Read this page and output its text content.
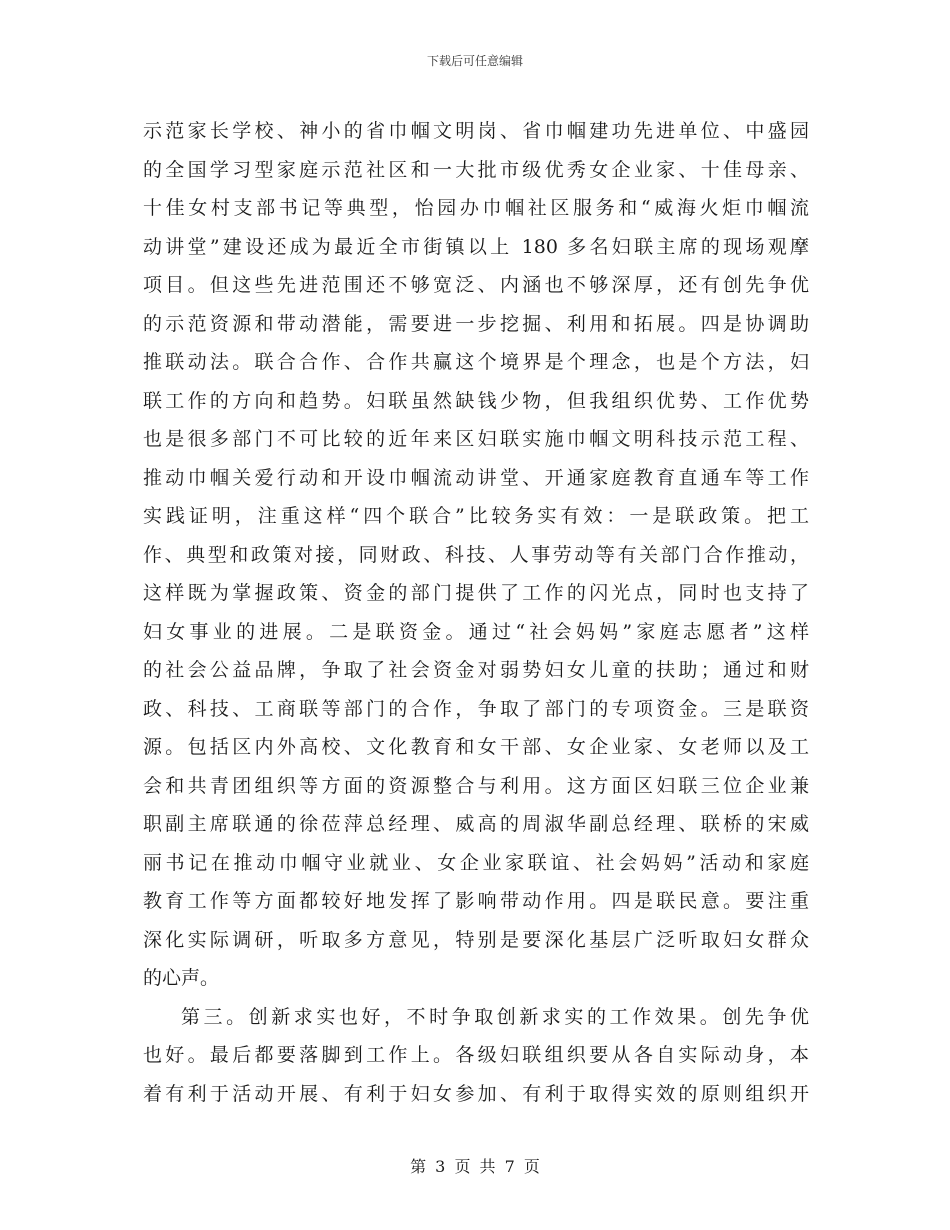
下载后可任意编辑
示范家长学校、神小的省巾帼文明岗、省巾帼建功先进单位、中盛园
的全国学习型家庭示范社区和一大批市级优秀女企业家、十佳母亲、
十佳女村支部书记等典型，怡园办巾帼社区服务和“威海火炬巾帼流
动讲堂”建设还成为最近全市街镇以上 180 多名妇联主席的现场观摩
项目。但这些先进范围还不够宽泛、内涵也不够深厚，还有创先争优
的示范资源和带动潜能，需要进一步挖掘、利用和拓展。四是协调助
推联动法。联合合作、合作共赢这个境界是个理念，也是个方法，妇
联工作的方向和趋势。妇联虽然缺钱少物，但我组织优势、工作优势
也是很多部门不可比较的近年来区妇联实施巾帼文明科技示范工程、
推动巾帼关爱行动和开设巾帼流动讲堂、开通家庭教育直通车等工作
实践证明，注重这样“四个联合”比较务实有效：一是联政策。把工
作、典型和政策对接，同财政、科技、人事劳动等有关部门合作推动，
这样既为掌握政策、资金的部门提供了工作的闪光点，同时也支持了
妇女事业的进展。二是联资金。通过“社会妈妈”家庭志愿者”这样
的社会公益品牌，争取了社会资金对弱势妇女儿童的扶助；通过和财
政、科技、工商联等部门的合作，争取了部门的专项资金。三是联资
源。包括区内外高校、文化教育和女干部、女企业家、女老师以及工
会和共青团组织等方面的资源整合与利用。这方面区妇联三位企业兼
职副主席联通的徐莅萍总经理、威高的周淑华副总经理、联桥的宋威
丽书记在推动巾帼守业就业、女企业家联谊、社会妈妈”活动和家庭
教育工作等方面都较好地发挥了影响带动作用。四是联民意。要注重
深化实际调研，听取多方意见，特别是要深化基层广泛听取妇女群众
的心声。
第三。创新求实也好，不时争取创新求实的工作效果。创先争优
也好。最后都要落脚到工作上。各级妇联组织要从各自实际动身，本
着有利于活动开展、有利于妇女参加、有利于取得实效的原则组织开
第 3 页 共 7 页
